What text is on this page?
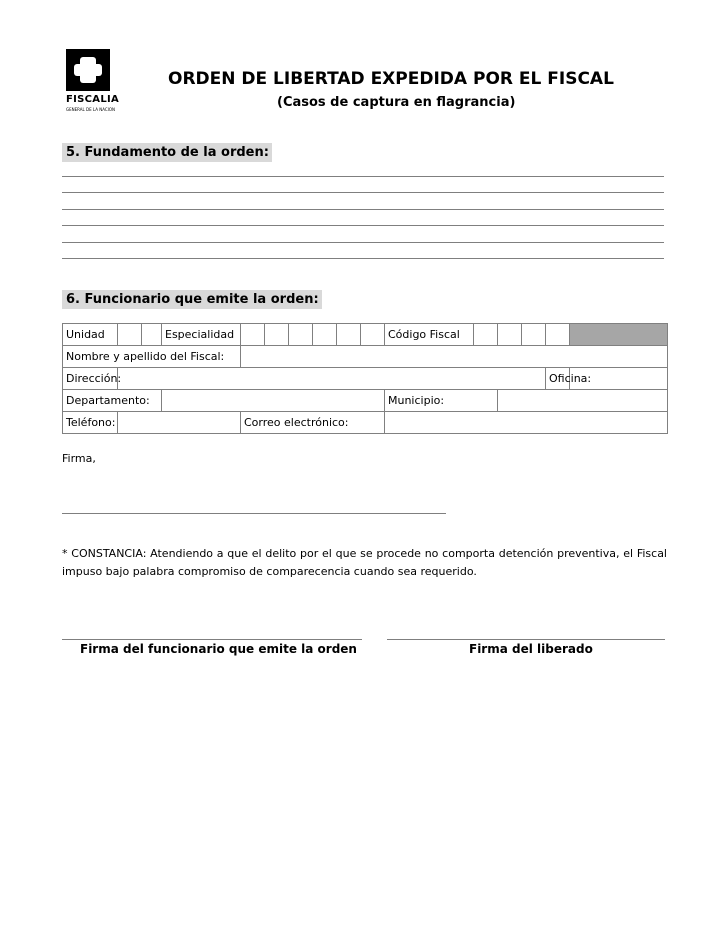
FISCALIA
GENERAL DE LA NACION
ORDEN DE LIBERTAD EXPEDIDA POR EL FISCAL
(Casos de captura en flagrancia)
5. Fundamento de la orden:
6. Funcionario que emite la orden:
Unidad			Especialidad							Código Fiscal					
Nombre y apellido del Fiscal:															
Dirección:														Oficina:	
Departamento:										Municipio:					
Teléfono:				Correo electrónico:											
Firma,
* CONSTANCIA: Atendiendo a que el delito por el que se procede no comporta detención preventiva, el Fiscal impuso bajo palabra compromiso de comparecencia cuando sea requerido.
Firma del funcionario que emite la orden	Firma del liberado
